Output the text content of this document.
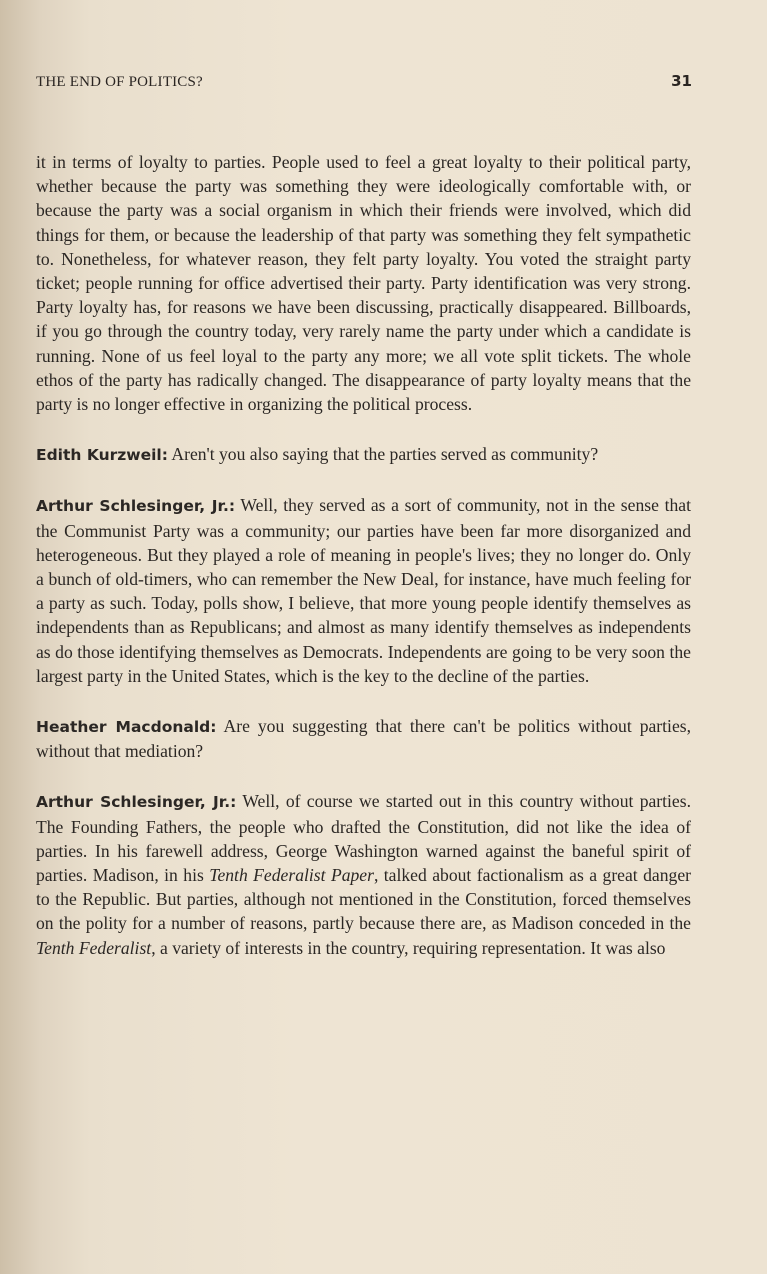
THE END OF POLITICS?	31

it in terms of loyalty to parties. People used to feel a great loyalty to their political party, whether because the party was something they were ideologically comfortable with, or because the party was a social organism in which their friends were involved, which did things for them, or because the leadership of that party was something they felt sympathetic to. Nonetheless, for whatever reason, they felt party loyalty. You voted the straight party ticket; people running for office advertised their party. Party identification was very strong. Party loyalty has, for reasons we have been discussing, practically disappeared. Billboards, if you go through the country today, very rarely name the party under which a candidate is running. None of us feel loyal to the party any more; we all vote split tickets. The whole ethos of the party has radically changed. The disappearance of party loyalty means that the party is no longer effective in organizing the political process.

Edith Kurzweil: Aren't you also saying that the parties served as community?

Arthur Schlesinger, Jr.: Well, they served as a sort of community, not in the sense that the Communist Party was a community; our parties have been far more disorganized and heterogeneous. But they played a role of meaning in people's lives; they no longer do. Only a bunch of old-timers, who can remember the New Deal, for instance, have much feeling for a party as such. Today, polls show, I believe, that more young people identify themselves as independents than as Republicans; and almost as many identify themselves as independents as do those identifying themselves as Democrats. Independents are going to be very soon the largest party in the United States, which is the key to the decline of the parties.

Heather Macdonald: Are you suggesting that there can't be politics without parties, without that mediation?

Arthur Schlesinger, Jr.: Well, of course we started out in this country without parties. The Founding Fathers, the people who drafted the Constitution, did not like the idea of parties. In his farewell address, George Washington warned against the baneful spirit of parties. Madison, in his Tenth Federalist Paper, talked about factionalism as a great danger to the Republic. But parties, although not mentioned in the Constitution, forced themselves on the polity for a number of reasons, partly because there are, as Madison conceded in the Tenth Federalist, a variety of interests in the country, requiring representation. It was also
